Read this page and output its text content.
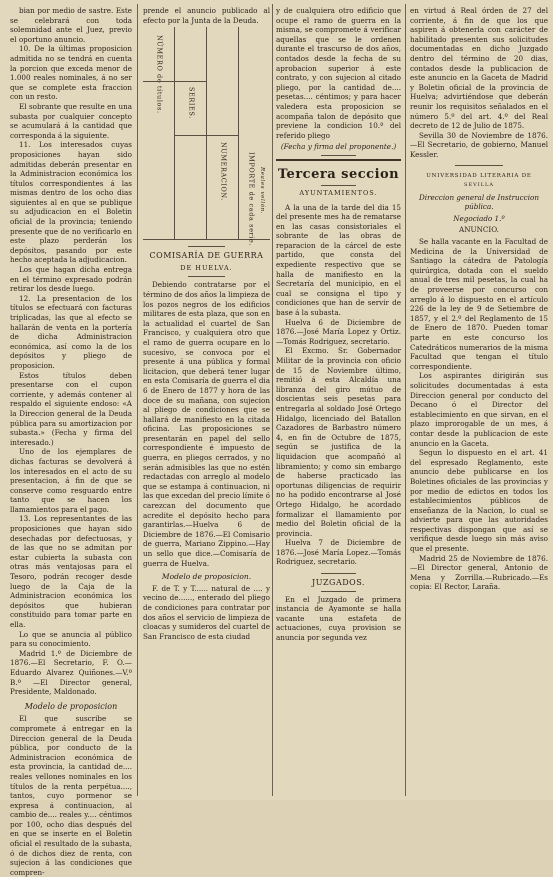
bian por medio de sastre. Este se celebrará con toda solemnidad ante el Juez, previo el oportuno anuncio.

10. De la últimas proposicion admitida no se tendrá en cuenta la porcion que exceda menor de 1.000 reales nominales, á no ser que se complete esta fraccion con un resto.

El sobrante que resulte en una subasta por cualquier concepto se acumulará á la cantidad que corresponda á la siguiente.

11. Los interesados cuyas proposiciones hayan sido admitidas deberán presentar en la Administracion económica los títulos correspondientes á las mismas dentro de los ocho dias siguientes al en que se publique su adjudicacion en el Boletin oficial de la provincia; teniendo presente que de no verificarlo en este plazo perderán los depósitos, pasando por este hecho aceptada la adjudicacion.

Los que hagan dicha entrega en el término expresado podrán retirar los desde luego.

12. La presentacion de los títulos se efectuará con facturas triplicadas, las que al efecto se hallarán de venta en la portería de dicha Administracion económica, así como la de los depósitos y pliego de proposicion.

Estos títulos deben presentarse con el cupon corriente, y además contener al respaldo el siguiente endoso: «A la Direccion general de la Deuda pública para su amortizacion por subasta.» (Fecha y firma del interesado.)

Uno de los ejemplares de dichas facturas se devolverá á los interesados en el acto de su presentacion, á fin de que se conserve como resguardo entre tanto que se hacen los llamamientos para el pago.

13. Los representantes de las proposiciones que hayan sido desechadas por defectuosas, y de las que no se admitan por estar cubierta la subasta con otras más ventajosas para el Tesoro, podrán recoger desde luego de la Caja de la Administracion económica los depósitos que hubieran constituido para tomar parte en ella.

Lo que se anuncia al público para su conocimiento.

Madrid 1.º de Diciembre de 1876.—El Secretario, F. O.—Eduardo Alvarez Quiñones.—V.º B.º —El Director general, Presidente, Maldonado.

Modelo de proposicion

El que suscribe se compromete á entregar en la Direccion general de la Deuda pública, por conducto de la Administracion económica de esta provincia, la cantidad de.... reales vellones nominales en los títulos de la renta perpétua...., tantos, cuyo pormenor se expresa á continuacion, al cambio de.... reales y.... céntimos por 100, ocho dias después del en que se inserte en el Boletin oficial el resultado de la subasta, ó de dichos diez de renta, con sujecion á las condiciones que compren-

prende el anuncio publicado al efecto por la Junta de la Deuda.

NÚMERO de títulos.	SERIES.
NUMERACION.	IMPORTE de cada serie. Reales vellón.
COMISARÍA DE GUERRA
DE HUELVA.

Debiendo contratarse por el término de dos años la limpieza de los pozos negros de los edificios militares de esta plaza, que son en la actualidad el cuartel de San Francisco, y cualquiera otro que el ramo de guerra ocupare en lo sucesivo, se convoca por el presente á una pública y formal licitacion, que deberá tener lugar en esta Comisaría de guerra el dia 6 de Enero de 1877 y hora de las doce de su mañana, con sujecion al pliego de condiciones que se hallará de manifiesto en la citada oficina. Las proposiciones se presentarán en papel del sello correspondiente é impuesto de guerra, en pliegos cerrados, y no serán admisibles las que no estén redactadas con arreglo al modelo que se estampa á continuacion, ni las que excedan del precio límite ó carezcan del documento que acredite el depósito hecho para garantirlas.—Huelva 6 de Diciembre de 1876.—El Comisario de guerra, Mariano Zippino.—Hay un sello que dice.—Comisaría de guerra de Huelva.

Modelo de proposicion.

F. de T. y T...... natural de .... y vecino de......, enterado del pliego de condiciones para contratar por dos años el servicio de limpieza de cloacas y sumideros del cuartel de San Francisco de esta ciudad

y de cualquiera otro edificio que ocupe el ramo de guerra en la misma, se compromete á verificar aquellas que se le ordenen durante el trascurso de dos años, contados desde la fecha de su aprobacion superior á este contrato, y con sujecion al citado pliego, por la cantidad de.... pesetas.... céntimos; y para hacer valedera esta proposicion se acompaña talon de depósito que previene la condicion 10.ª del referido pliego

(Fecha y firma del proponente.)

Tercera seccion
AYUNTAMIENTOS.

A la una de la tarde del dia 15 del presente mes ha de rematarse en las casas consistoriales el sobrante de las obras de reparacion de la cárcel de este partido, que consta del expediente respectivo que se halla de manifiesto en la Secretaría del municipio, en el cual se consigna el tipo y condiciones que han de servir de base á la subasta.

Huelva 6 de Diciembre de 1876.—José María Lopez y Ortiz.—Tomás Rodriguez, secretario.

El Excmo. Sr. Gobernador Militar de la provincia con oficio de 15 de Noviembre último, remitió á esta Alcaldía una libranza del giro mútuo de doscientas seis pesetas para entregarla al soldado José Ortego Hidalgo, licenciado del Batallon Cazadores de Barbastro número 4, en fin de Octubre de 1875, según se justifica de la liquidacion que acompañó al libramiento; y como sin embargo de haberse practicado las oportunas diligencias de requirir no ha podido encontrarse al José Ortego Hidalgo, he acordado formalizar el llamamiento por medio del Boletin oficial de la provincia.

Huelva 7 de Diciembre de 1876.—José María Lopez.—Tomás Rodriguez, secretario.

JUZGADOS.

En el Juzgado de primera instancia de Ayamonte se halla vacante una estafeta de actuaciones, cuya provision se anuncia por segunda vez

en virtud á Real órden de 27 del corriente, á fin de que los que aspiren á obtenerla con carácter de habilitado presenten sus solicitudes documentadas en dicho Juzgado dentro del término de 20 dias, contados desde la publicacion de este anuncio en la Gaceta de Madrid y Boletin oficial de la provincia de Huelva; advirtiéndose que deberán reunir los requisitos señalados en el número 5.º del art. 4.º del Real decreto de 12 de Julio de 1875.

Sevilla 30 de Noviembre de 1876.—El Secretario, de gobierno, Manuel Kessler.

UNIVERSIDAD LITERARIA DE
SEVILLA

Direccion general de Instruccion pública.

Negociado 1.º

ANUNCIO.

Se halla vacante en la Facultad de Medicina de la Universidad de Santiago la cátedra de Patología quirúrgica, dotada con el sueldo anual de tres mil pesetas, la cual ha de proveerse por concurso con arreglo á lo dispuesto en el artículo 226 de la ley de 9 de Setiembre de 1857, y el 2.º del Reglamento de 15 de Enero de 1870. Pueden tomar parte en este concurso los Catedráticos numerarios de la misma Facultad que tengan el título correspondiente.

Los aspirantes dirigirán sus solicitudes documentadas á esta Direccion general por conducto del Decano ó el Director del establecimiento en que sirvan, en el plazo improrogable de un mes, á contar desde la publicacion de este anuncio en la Gaceta.

Segun lo dispuesto en el art. 41 del espresado Reglamento, este anuncio debe publicarse en los Boletines oficiales de las provincias y por medio de edictos en todos los establecimientos públicos de enseñanza de la Nacion, lo cual se advierte para que las autoridades respectivas dispongan que así se verifique desde luego sin más aviso que el presente.

Madrid 25 de Noviembre de 1876.—El Director general, Antonio de Mena y Zorrilla.—Rubricado.—Es copia: El Rector, Laraña.
